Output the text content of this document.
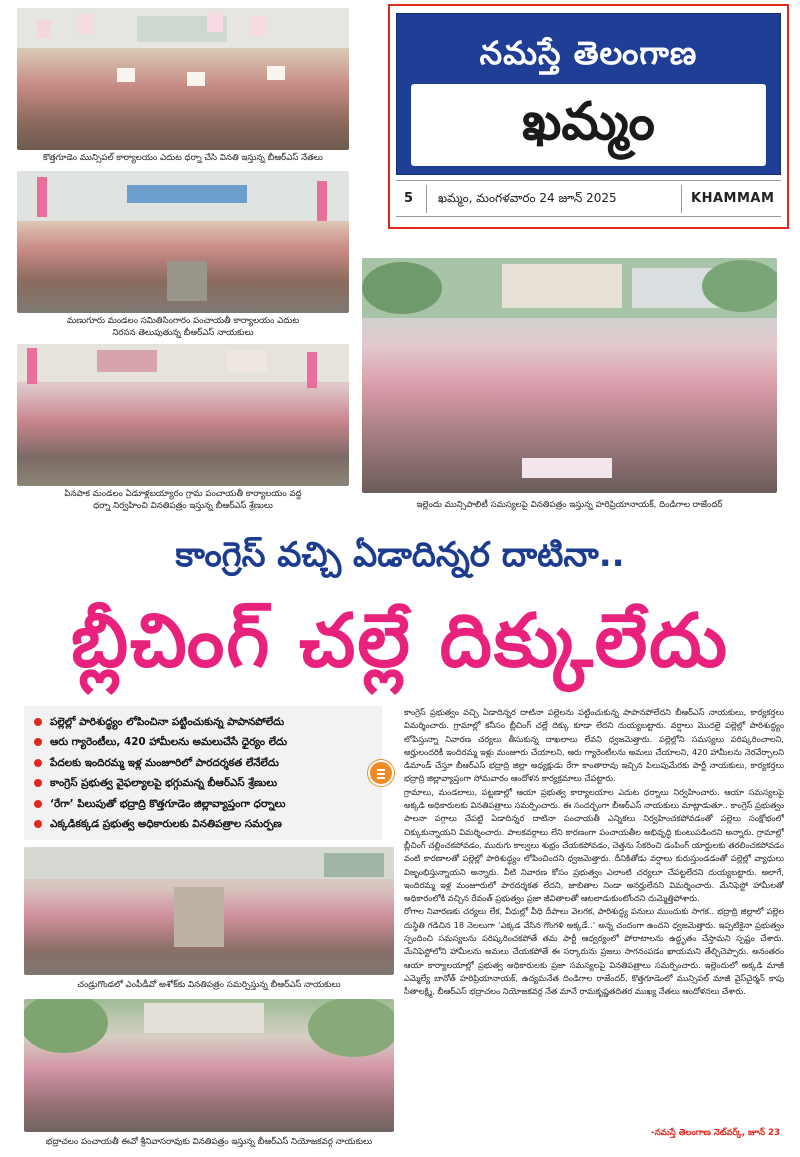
కొత్తగూడెం మున్సిపల్ కార్యాలయం ఎదుట ధర్నా చేసి వినతి ఇస్తున్న బీఆర్‌ఎస్ నేతలు
మణుగూరు మండలం సమితిసింగారం పంచాయతీ కార్యాలయం ఎదుట
నిరసన తెలుపుతున్న బీఆర్‌ఎస్ నాయకులు
పినపాక మండలం ఏడూళ్లబయ్యారం గ్రామ పంచాయతీ కార్యాలయం వద్ద
ధర్నా నిర్వహించి వినతిపత్రం ఇస్తున్న బీఆర్‌ఎస్ శ్రేణులు	ఇల్లెందు మున్సిపాలిటీ సమస్యలపై వినతిపత్రం ఇస్తున్న హరిప్రియానాయక్, దిండిగాల రాజేందర్
నమస్తే తెలంగాణ
ఖమ్మం
5 ఖమ్మం, మంగళవారం 24 జూన్ 2025	KHAMMAM
కాంగ్రెస్ వచ్చి ఏడాదిన్నర దాటినా..
బ్లీచింగ్ చల్లే దిక్కులేదు
పల్లెల్లో పారిశుద్ధ్యం లోపించినా పట్టించుకున్న పాపానపోలేదు
ఆరు గ్యారెంటీలు, 420 హామీలను అమలుచేసే ధైర్యం లేదు
పేదలకు ఇందిరమ్మ ఇళ్ల మంజూరిలో పారదర్శకత లేనేలేదు
కాంగ్రెస్ ప్రభుత్వ వైఫల్యాలపై భగ్గుమన్న బీఆర్‌ఎస్ శ్రేణులు
‘రేగా’ పిలుపుతో భద్రాద్రి కొత్తగూడెం జిల్లావ్యాప్తంగా ధర్నాలు
ఎక్కడికక్కడ ప్రభుత్వ అధికారులకు వినతిపత్రాల సమర్పణ
చండ్రుగొండలో ఎంపీడీవో అశోక్‌కు వినతిపత్రం సమర్పిస్తున్న బీఆర్‌ఎస్ నాయకులు
భద్రాచలం పంచాయతీ ఈవో శ్రీనివాసరావుకు వినతిపత్రం ఇస్తున్న బీఆర్‌ఎస్ నియోజకవర్గ నాయకులు

కాంగ్రెస్ ప్రభుత్వం వచ్చి ఏడాదిన్నర దాటినా పల్లెలను పట్టించుకున్న పాపానపోలేదని బీఆర్‌ఎస్ నాయకులు, కార్యకర్తలు విమర్శించారు. గ్రామాల్లో కనీసం బ్లీచింగ్ చల్లే దిక్కు కూడా లేదని దుయ్యబట్టారు. వర్షాలు మొదలై పల్లెల్లో పారిశుద్ధ్యం లోపిస్తున్నా నివారణ చర్యలు తీసుకున్న దాఖలాలు లేవని ధ్వజమెత్తారు. పల్లెల్లోని సమస్యలు పరిష్కరించాలని, అర్హులందరికీ ఇందిరమ్మ ఇళ్లు మంజూరు చేయాలని, ఆరు గ్యారెంటీలను అమలు చేయాలని, 420 హామీలను నెరవేర్చాలని డిమాండ్ చేస్తూ బీఆర్‌ఎస్ భద్రాద్రి జిల్లా అధ్యక్షుడు రేగా కాంతారావు ఇచ్చిన పిలుపుమేరకు పార్టీ నాయకులు, కార్యకర్తలు భద్రాద్రి జిల్లావ్యాప్తంగా సోమవారం ఆందోళన కార్యక్రమాలు చేపట్టారు.

గ్రామాలు, మండలాలు, పట్టణాల్లో ఆయా ప్రభుత్వ కార్యాలయాల ఎదుట ధర్నాలు నిర్వహించారు. ఆయా సమస్యలపై అక్కడి అధికారులకు వినతిపత్రాలు సమర్పించారు. ఈ సందర్భంగా బీఆర్‌ఎస్ నాయకులు మాట్లాడుతూ.. కాంగ్రెస్ ప్రభుత్వం పాలనా పగ్గాలు చేపట్టి ఏడాదిన్నర దాటినా పంచాయతీ ఎన్నికలు నిర్వహించకపోవడంతో పల్లెలు సంక్షోభంలో చిక్కుకున్నాయని విమర్శించారు. పాలకవర్గాలు లేని కారణంగా పంచాయతీల అభివృద్ధి కుంటుపడిందని అన్నారు. గ్రామాల్లో బ్లీచింగ్ చల్లించకపోవడం, మురుగు కాల్వలు శుభ్రం చేయకపోవడం, చెత్తను సేకరించి డంపింగ్ యార్డులకు తరలించకపోవడం వంటి కారణాలతో పల్లెల్లో పారిశుద్ధ్యం లోపించిందని ధ్వజమెత్తారు. దీనికితోడు వర్షాలు కురుస్తుండడంతో పల్లెల్లో వ్యాధులు విజృంభిస్తున్నాయని అన్నారు. వీటి నివారణ కోసం ప్రభుత్వం ఎలాంటి చర్యలూ చేపట్టలేదని దుయ్యబట్టారు. అలాగే, ఇందిరమ్మ ఇళ్ల మంజూరులో పారదర్శకత లేదని, జాబితాల నిండా అనర్హులేనని విమర్శించారు. మేనిఫెస్టో హామీలతో అధికారంలోకి వచ్చిన రేవంత్ ప్రభుత్వం ప్రజా జీవితాలతో ఆటలాడుకుంటోందని దుమ్మెత్తిపోశారు.

రోగాల నివారణకు చర్యలు లేక, వీధుల్లో వీధి దీపాలు వెలగక, పారిశుద్ధ్య పనులు ముందుకు సాగక.. భద్రాద్రి జిల్లాలో పల్లెల దుస్థితి గడిచిన 18 నెలలుగా ‘ఎక్కడ వేసిన గొంగళి అక్కడే..’ అన్న చందంగా ఉందని ధ్వజమెత్తారు. ఇప్పటికైనా ప్రభుత్వం స్పందించి సమస్యలను పరిష్కరించకపోతే తమ పార్టీ ఆధ్వర్యంలో పోరాటాలను ఉద్ధృతం చేస్తామని స్పష్టం చేశారు. మేనిఫెస్టోలోని హామీలను అమలు చేయకపోతే ఈ సర్కారును ప్రజలు సాగనంపడం ఖాయమని తేల్చిచెప్పారు. అనంతరం ఆయా కార్యాలయాల్లో ప్రభుత్వ అధికారులకు ప్రజా సమస్యలపై వినతిపత్రాలు సమర్పించారు. ఇల్లెందులో అక్కడి మాజీ ఎమ్మెల్యే బానోత్ హరిప్రియానాయక్, ఉద్యమనేత దిండిగాల రాజేందర్, కొత్తగూడెంలో మున్సిపల్ మాజీ వైస్‌చైర్మన్ కాపు సీతాలక్ష్మి, బీఆర్‌ఎస్ భద్రాచలం నియోజకవర్గ నేత మానే రామకృష్ణతదితర ముఖ్య నేతలు ఆందోళనలు చేశారు.

-నమస్తే తెలంగాణ నెట్‌వర్క్, జూన్ 23
